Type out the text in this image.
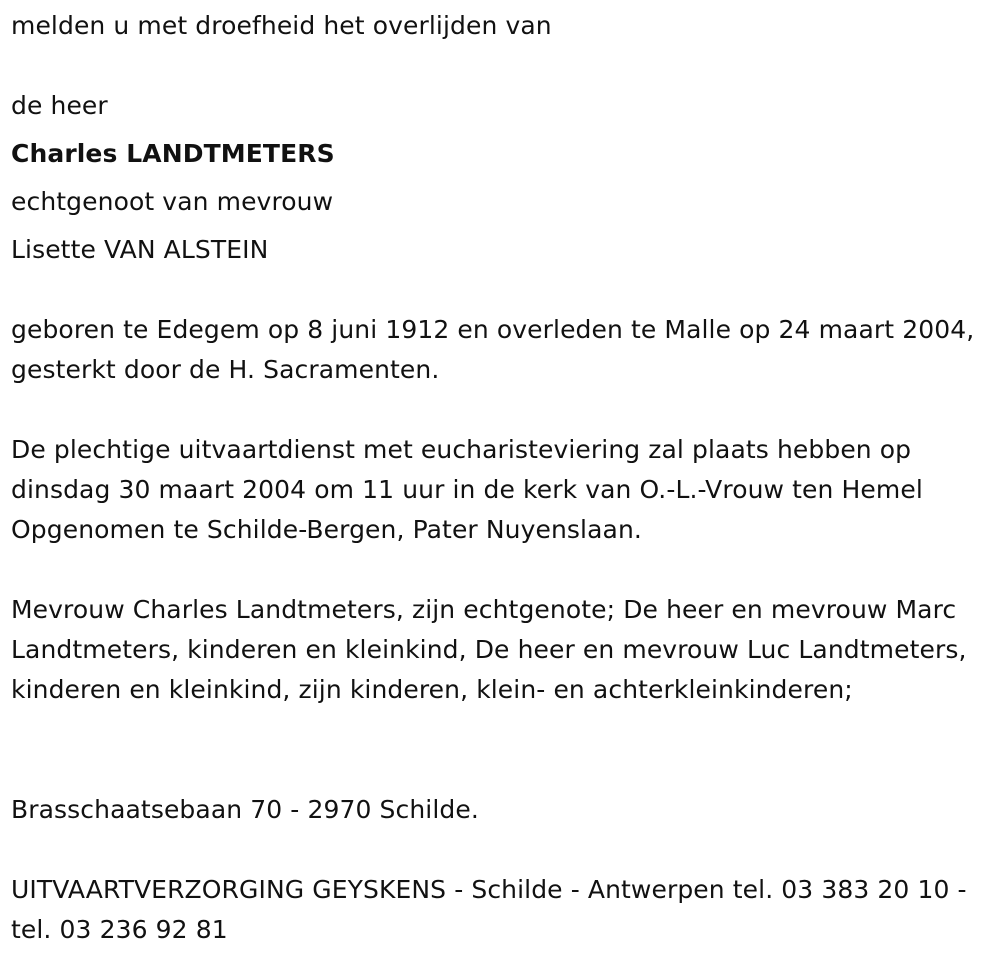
melden u met droefheid het overlijden van

de heer

Charles LANDTMETERS

echtgenoot van mevrouw

Lisette VAN ALSTEIN

geboren te Edegem op 8 juni 1912 en overleden te Malle op 24 maart 2004, gesterkt door de H. Sacramenten.

De plechtige uitvaartdienst met eucharisteviering zal plaats hebben op dinsdag 30 maart 2004 om 11 uur in de kerk van O.-L.-Vrouw ten Hemel Opgenomen te Schilde-Bergen, Pater Nuyenslaan.

Mevrouw Charles Landtmeters, zijn echtgenote; De heer en mevrouw Marc Landtmeters, kinderen en kleinkind, De heer en mevrouw Luc Landtmeters, kinderen en kleinkind, zijn kinderen, klein- en achterkleinkinderen;

Brasschaatsebaan 70 - 2970 Schilde.

UITVAARTVERZORGING GEYSKENS - Schilde - Antwerpen tel. 03 383 20 10 - tel. 03 236 92 81
